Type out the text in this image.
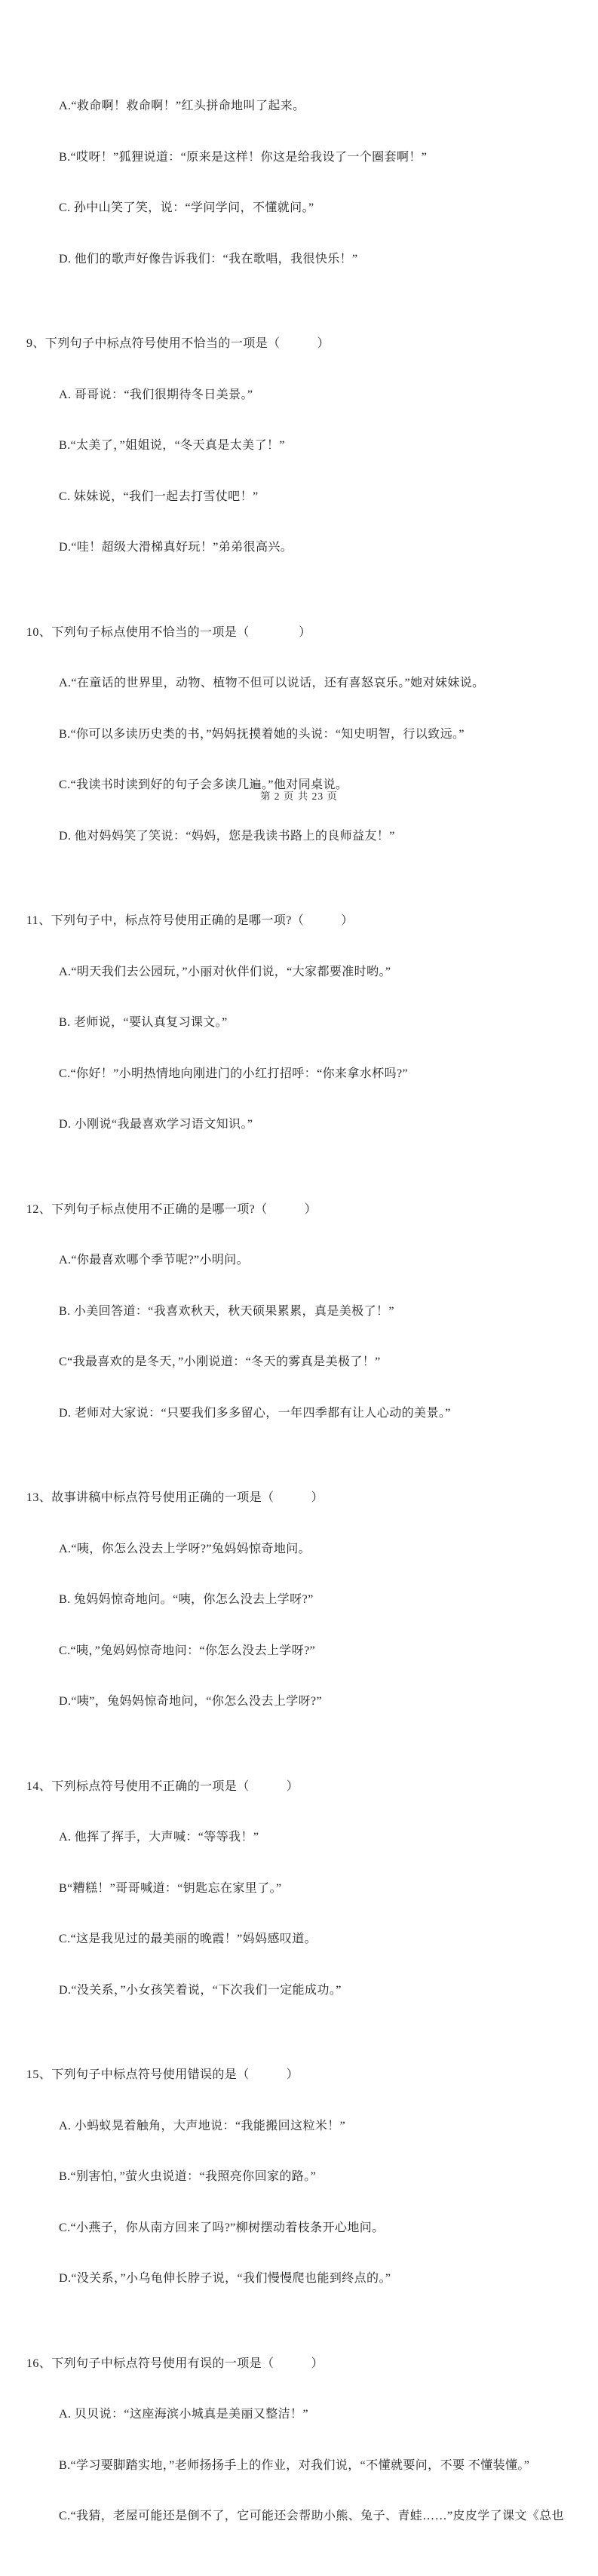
A.“救命啊！救命啊！”红头拼命地叫了起来。

B.“哎呀！”狐狸说道：“原来是这样！你这是给我设了一个圈套啊！”

C. 孙中山笑了笑，说：“学问学问，不懂就问。”

D. 他们的歌声好像告诉我们：“我在歌唱，我很快乐！”

9、下列句子中标点符号使用不恰当的一项是（　　　）

A. 哥哥说：“我们很期待冬日美景。”

B.“太美了，”姐姐说，“冬天真是太美了！”

C. 妹妹说，“我们一起去打雪仗吧！”

D.“哇！超级大滑梯真好玩！”弟弟很高兴。

10、下列句子标点使用不恰当的一项是（　　　　）

A.“在童话的世界里，动物、植物不但可以说话，还有喜怒哀乐。”她对妹妹说。

B.“你可以多读历史类的书，”妈妈抚摸着她的头说：“知史明智，行以致远。”

C.“我读书时读到好的句子会多读几遍。”他对同桌说。

D. 他对妈妈笑了笑说：“妈妈，您是我读书路上的良师益友！”

11、下列句子中，标点符号使用正确的是哪一项?（　　　）

A.“明天我们去公园玩，”小丽对伙伴们说，“大家都要准时哟。”

B. 老师说，“要认真复习课文。”

C.“你好！”小明热情地向刚进门的小红打招呼：“你来拿水杯吗?”

D. 小刚说“我最喜欢学习语文知识。”

12、下列句子标点使用不正确的是哪一项?（　　　）

A.“你最喜欢哪个季节呢?”小明问。

B. 小美回答道：“我喜欢秋天，秋天硕果累累，真是美极了！”

C“我最喜欢的是冬天，”小刚说道：“冬天的雾真是美极了！”

D. 老师对大家说：“只要我们多多留心，一年四季都有让人心动的美景。”

13、故事讲稿中标点符号使用正确的一项是（　　　）

A.“咦，你怎么没去上学呀?”兔妈妈惊奇地问。

B. 兔妈妈惊奇地问。“咦，你怎么没去上学呀?”

C.“咦，”兔妈妈惊奇地问：“你怎么没去上学呀?”

D.“咦”，兔妈妈惊奇地问，“你怎么没去上学呀?”

14、下列标点符号使用不正确的一项是（　　　）

A. 他挥了挥手，大声喊：“等等我！”

B“糟糕！”哥哥喊道：“钥匙忘在家里了。”

C.“这是我见过的最美丽的晚霞！”妈妈感叹道。

D.“没关系，”小女孩笑着说，“下次我们一定能成功。”

15、下列句子中标点符号使用错误的是（　　　）

A. 小蚂蚁晃着触角，大声地说：“我能搬回这粒米！”

B.“别害怕，”萤火虫说道：“我照亮你回家的路。”

C.“小燕子，你从南方回来了吗?”柳树摆动着枝条开心地问。

D.“没关系，”小乌龟伸长脖子说，“我们慢慢爬也能到终点的。”

16、下列句子中标点符号使用有误的一项是（　　　）

A. 贝贝说：“这座海滨小城真是美丽又整洁！”

B.“学习要脚踏实地，”老师扬扬手上的作业，对我们说，“不懂就要问，不要 不懂装懂。”

C.“我猜，老屋可能还是倒不了，它可能还会帮助小熊、兔子、青蛙……”皮皮学了课文《总也

第 2 页 共 23 页
